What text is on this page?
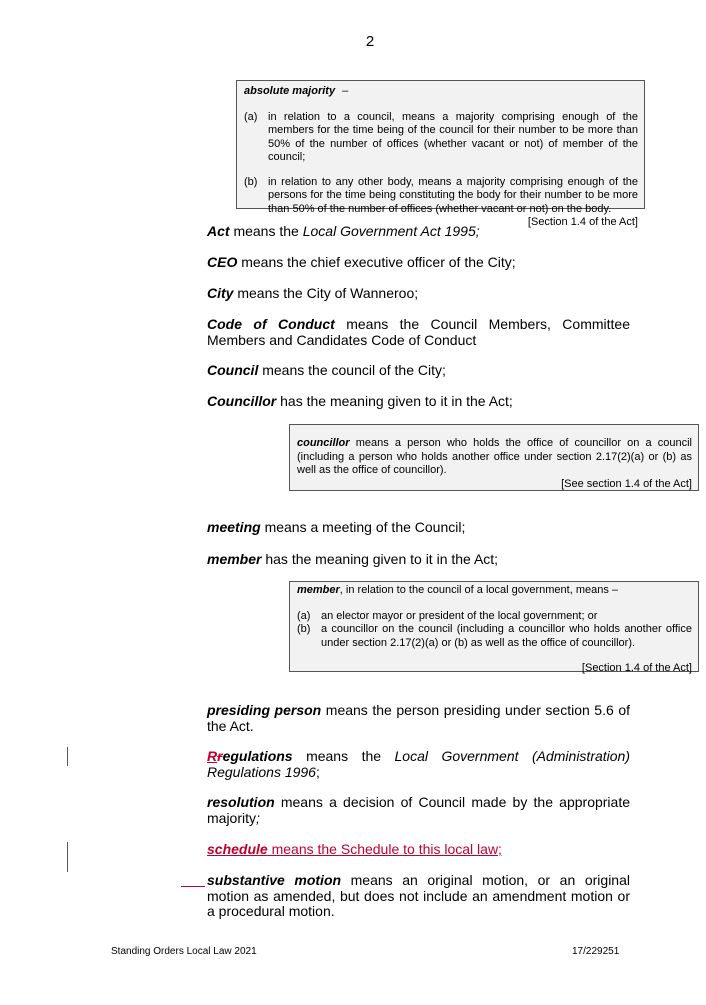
2
absolute majority –
(a) in relation to a council, means a majority comprising enough of the members for the time being of the council for their number to be more than 50% of the number of offices (whether vacant or not) of member of the council;
(b) in relation to any other body, means a majority comprising enough of the persons for the time being constituting the body for their number to be more than 50% of the number of offices (whether vacant or not) on the body.
[Section 1.4 of the Act]
Act means the Local Government Act 1995;
CEO means the chief executive officer of the City;
City means the City of Wanneroo;
Code of Conduct means the Council Members, Committee Members and Candidates Code of Conduct
Council means the council of the City;
Councillor has the meaning given to it in the Act;
councillor means a person who holds the office of councillor on a council (including a person who holds another office under section 2.17(2)(a) or (b) as well as the office of councillor).
[See section 1.4 of the Act]
meeting means a meeting of the Council;
member has the meaning given to it in the Act;
member, in relation to the council of a local government, means –
(a) an elector mayor or president of the local government; or
(b) a councillor on the council (including a councillor who holds another office under section 2.17(2)(a) or (b) as well as the office of councillor).
[Section 1.4 of the Act]
presiding person means the person presiding under section 5.6 of the Act.
Rregulations means the Local Government (Administration) Regulations 1996;
resolution means a decision of Council made by the appropriate majority;
schedule means the Schedule to this local law;
substantive motion means an original motion, or an original motion as amended, but does not include an amendment motion or a procedural motion.
Standing Orders Local Law 2021	17/229251
